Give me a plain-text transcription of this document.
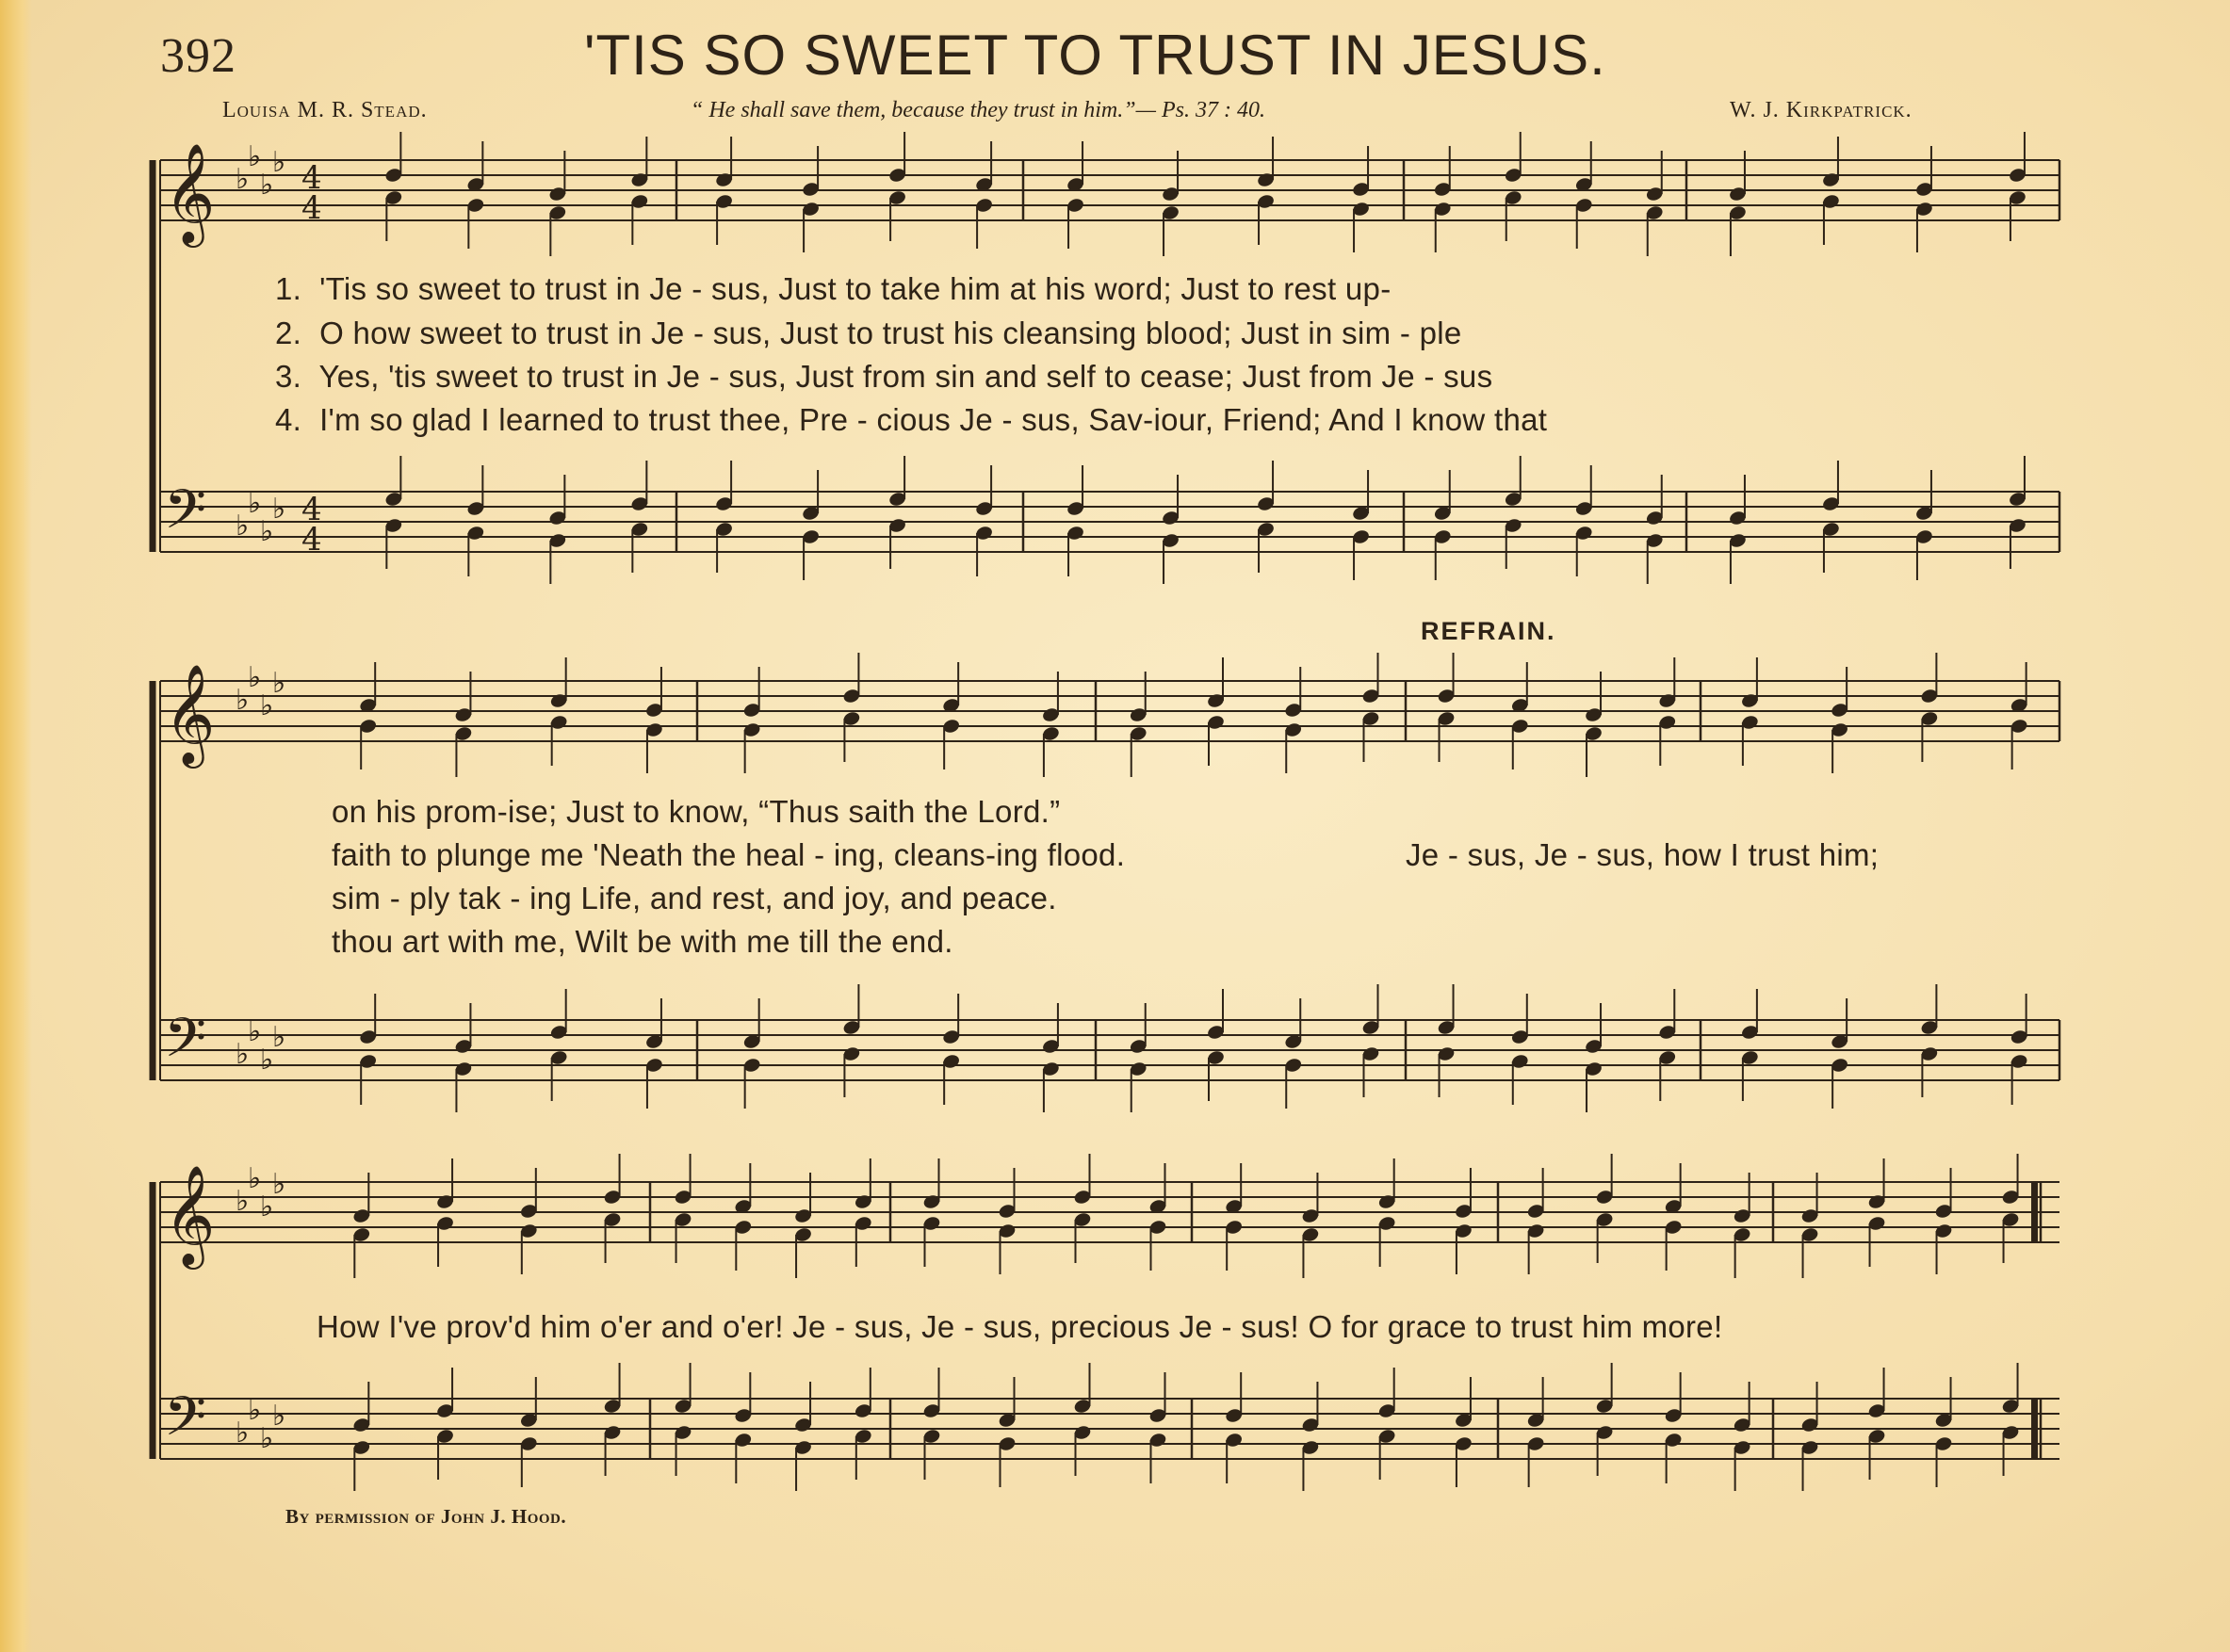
392	'TIS SO SWEET TO TRUST IN JESUS.
Louisa M. R. Stead.	“ He shall save them, because they trust in him.”— Ps. 37 : 40.	W. J. Kirkpatrick.
𝄞
𝄢
♭
♭
♭
♭
♭
♭
♭
♭
4
4
4
4
𝄞
𝄢
♭
♭
♭
♭
♭
♭
♭
♭
𝄞
𝄢
♭
♭
♭
♭
♭
♭
♭
♭
1. 'Tis so sweet to trust in Je - sus, Just to take him at his word; Just to rest up-
2. O how sweet to trust in Je - sus, Just to trust his cleansing blood; Just in sim - ple
3. Yes, 'tis sweet to trust in Je - sus, Just from sin and self to cease; Just from Je - sus
4. I'm so glad I learned to trust thee, Pre - cious Je - sus, Sav-iour, Friend; And I know that
REFRAIN.
on his prom-ise; Just to know, “Thus saith the Lord.”
faith to plunge me 'Neath the heal - ing, cleans-ing flood.	Je - sus, Je - sus, how I trust him;
sim - ply tak - ing Life, and rest, and joy, and peace.
thou art with me, Wilt be with me till the end.
How I've prov'd him o'er and o'er! Je - sus, Je - sus, precious Je - sus! O for grace to trust him more!
By permission of John J. Hood.
